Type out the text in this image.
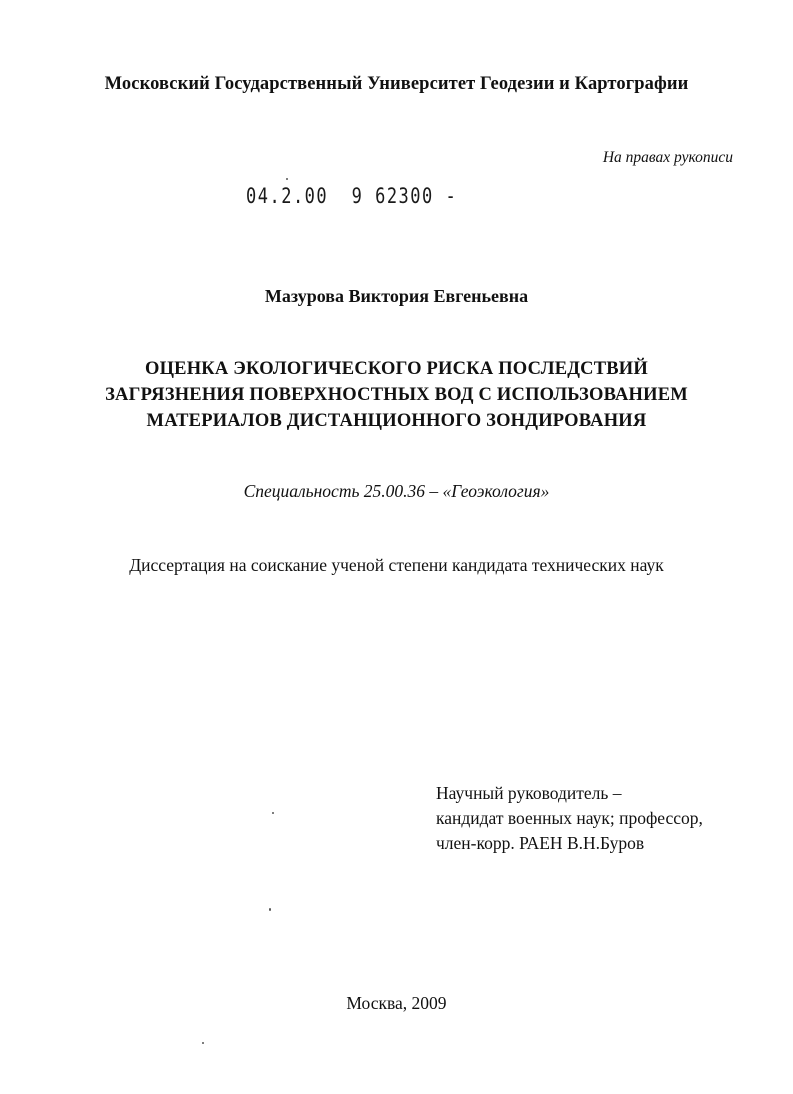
Московский Государственный Университет Геодезии и Картографии
На правах рукописи
04.2.00  9 62300 -
Мазурова Виктория Евгеньевна
ОЦЕНКА ЭКОЛОГИЧЕСКОГО РИСКА ПОСЛЕДСТВИЙ
ЗАГРЯЗНЕНИЯ ПОВЕРХНОСТНЫХ ВОД С ИСПОЛЬЗОВАНИЕМ
МАТЕРИАЛОВ ДИСТАНЦИОННОГО ЗОНДИРОВАНИЯ
Специальность 25.00.36 – «Геоэкология»
Диссертация на соискание ученой степени кандидата технических наук
Научный руководитель –
кандидат военных наук; профессор,
член-корр. РАЕН В.Н.Буров
Москва, 2009
